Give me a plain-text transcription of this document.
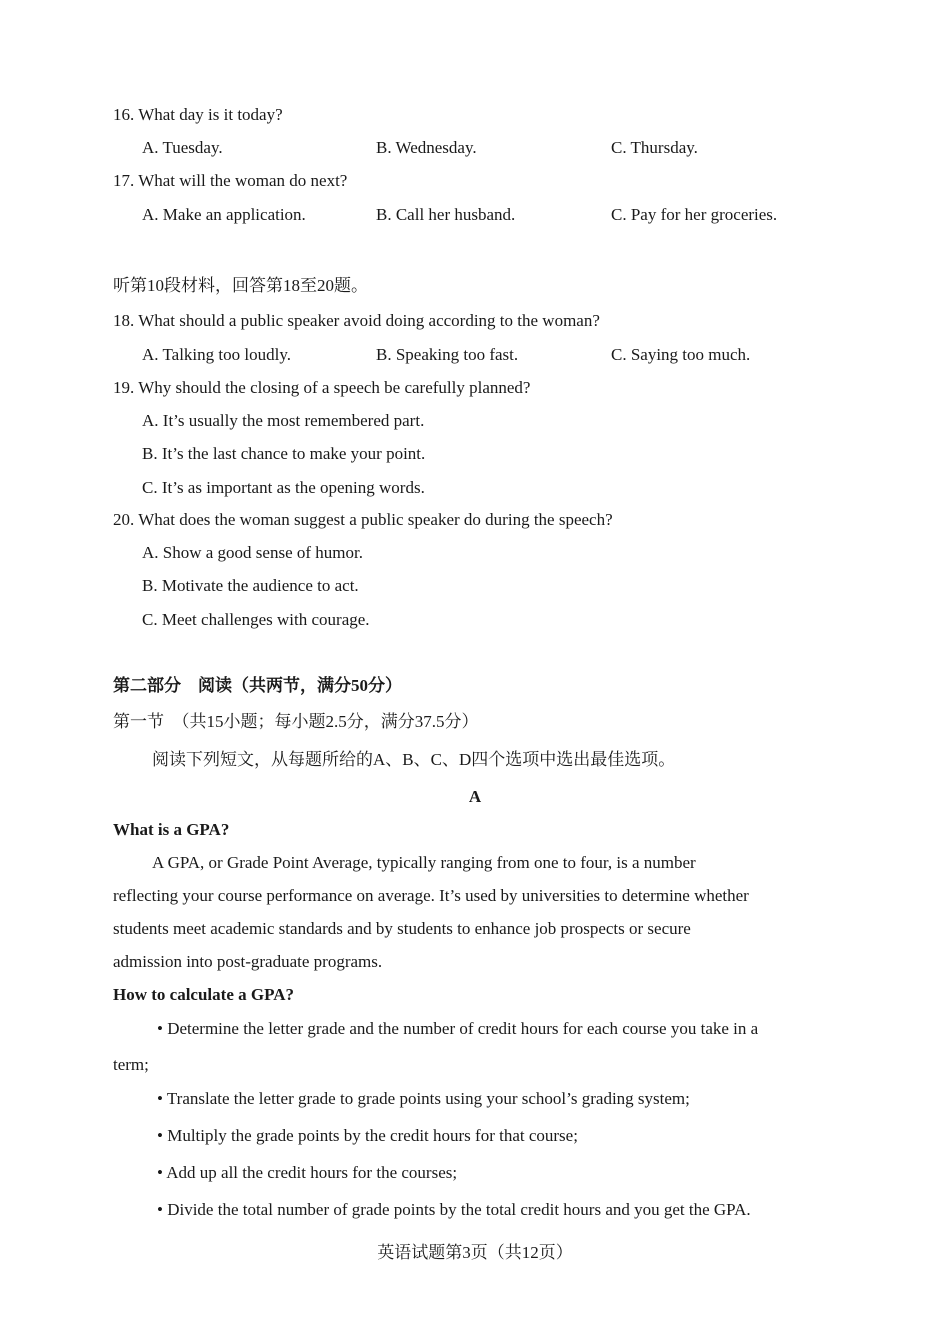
16. What day is it today?
A. Tuesday.	B. Wednesday.	C. Thursday.
17. What will the woman do next?
A. Make an application.	B. Call her husband.	C. Pay for her groceries.
听第10段材料，回答第18至20题。
18. What should a public speaker avoid doing according to the woman?
A. Talking too loudly.	B. Speaking too fast.	C. Saying too much.
19. Why should the closing of a speech be carefully planned?
A. It’s usually the most remembered part.
B. It’s the last chance to make your point.
C. It’s as important as the opening words.
20. What does the woman suggest a public speaker do during the speech?
A. Show a good sense of humor.
B. Motivate the audience to act.
C. Meet challenges with courage.
第二部分　阅读（共两节，满分50分）
第一节　（共15小题；每小题2.5分，满分37.5分）
阅读下列短文，从每题所给的A、B、C、D四个选项中选出最佳选项。
A
What is a GPA?
A GPA, or Grade Point Average, typically ranging from one to four, is a number
reflecting your course performance on average. It’s used by universities to determine whether
students meet academic standards and by students to enhance job prospects or secure
admission into post-graduate programs.
How to calculate a GPA?
• Determine the letter grade and the number of credit hours for each course you take in a
term;
• Translate the letter grade to grade points using your school’s grading system;
• Multiply the grade points by the credit hours for that course;
• Add up all the credit hours for the courses;
• Divide the total number of grade points by the total credit hours and you get the GPA.
英语试题第3页（共12页）
